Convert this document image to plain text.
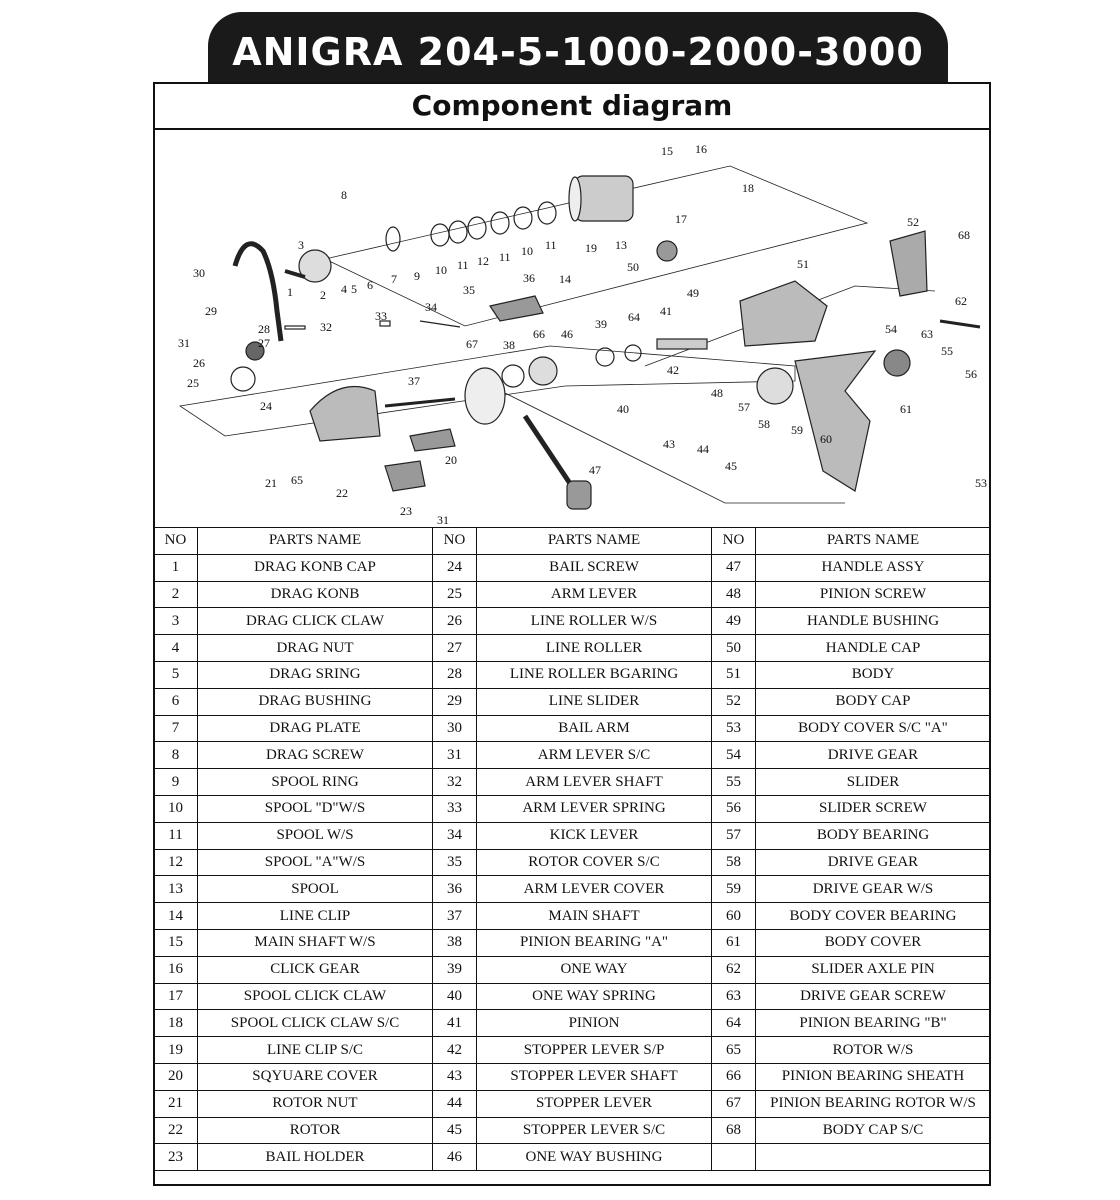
ANIGRA 204-5-1000-2000-3000
Component diagram
1 2
3
4 5 6 7
8
9 10 11 12 11 10 11	13
14
15 16
17
18
19
20
21
22
23
24
25
26
27
28
29
30
31
31
32
33
34
35
36
37
38
39
40
41
42
43 44
45
46
47
48
49
50	51
52
53
54
55
56
57
58 59
60
61
62
63
64
65
66
67
68
NO	PARTS NAME	NO	PARTS NAME	NO	PARTS NAME
1	DRAG KONB CAP	24	BAIL SCREW	47	HANDLE ASSY
2	DRAG KONB	25	ARM LEVER	48	PINION SCREW
3	DRAG CLICK CLAW	26	LINE ROLLER W/S	49	HANDLE BUSHING
4	DRAG NUT	27	LINE ROLLER	50	HANDLE CAP
5	DRAG SRING	28	LINE ROLLER BGARING	51	BODY
6	DRAG BUSHING	29	LINE SLIDER	52	BODY CAP
7	DRAG PLATE	30	BAIL ARM	53	BODY COVER S/C "A"
8	DRAG SCREW	31	ARM LEVER S/C	54	DRIVE GEAR
9	SPOOL RING	32	ARM LEVER SHAFT	55	SLIDER
10	SPOOL "D"W/S	33	ARM LEVER SPRING	56	SLIDER SCREW
11	SPOOL W/S	34	KICK LEVER	57	BODY BEARING
12	SPOOL "A"W/S	35	ROTOR COVER S/C	58	DRIVE GEAR
13	SPOOL	36	ARM LEVER COVER	59	DRIVE GEAR W/S
14	LINE CLIP	37	MAIN SHAFT	60	BODY COVER BEARING
15	MAIN SHAFT W/S	38	PINION BEARING "A"	61	BODY COVER
16	CLICK GEAR	39	ONE WAY	62	SLIDER AXLE PIN
17	SPOOL CLICK CLAW	40	ONE WAY SPRING	63	DRIVE GEAR SCREW
18	SPOOL CLICK CLAW S/C	41	PINION	64	PINION BEARING "B"
19	LINE CLIP S/C	42	STOPPER LEVER S/P	65	ROTOR W/S
20	SQYUARE COVER	43	STOPPER LEVER SHAFT	66	PINION BEARING SHEATH
21	ROTOR NUT	44	STOPPER LEVER	67	PINION BEARING ROTOR W/S
22	ROTOR	45	STOPPER LEVER S/C	68	BODY CAP S/C
23	BAIL HOLDER	46	ONE WAY BUSHING		
